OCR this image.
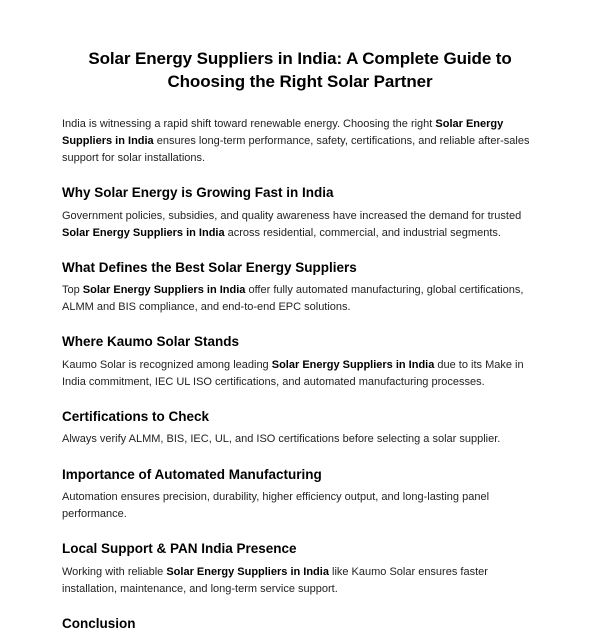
Solar Energy Suppliers in India: A Complete Guide to Choosing the Right Solar Partner

India is witnessing a rapid shift toward renewable energy. Choosing the right Solar Energy Suppliers in India ensures long-term performance, safety, certifications, and reliable after-sales support for solar installations.

Why Solar Energy is Growing Fast in India

Government policies, subsidies, and quality awareness have increased the demand for trusted Solar Energy Suppliers in India across residential, commercial, and industrial segments.

What Defines the Best Solar Energy Suppliers

Top Solar Energy Suppliers in India offer fully automated manufacturing, global certifications, ALMM and BIS compliance, and end-to-end EPC solutions.

Where Kaumo Solar Stands

Kaumo Solar is recognized among leading Solar Energy Suppliers in India due to its Make in India commitment, IEC UL ISO certifications, and automated manufacturing processes.

Certifications to Check

Always verify ALMM, BIS, IEC, UL, and ISO certifications before selecting a solar supplier.

Importance of Automated Manufacturing

Automation ensures precision, durability, higher efficiency output, and long-lasting panel performance.

Local Support & PAN India Presence

Working with reliable Solar Energy Suppliers in India like Kaumo Solar ensures faster installation, maintenance, and long-term service support.

Conclusion
